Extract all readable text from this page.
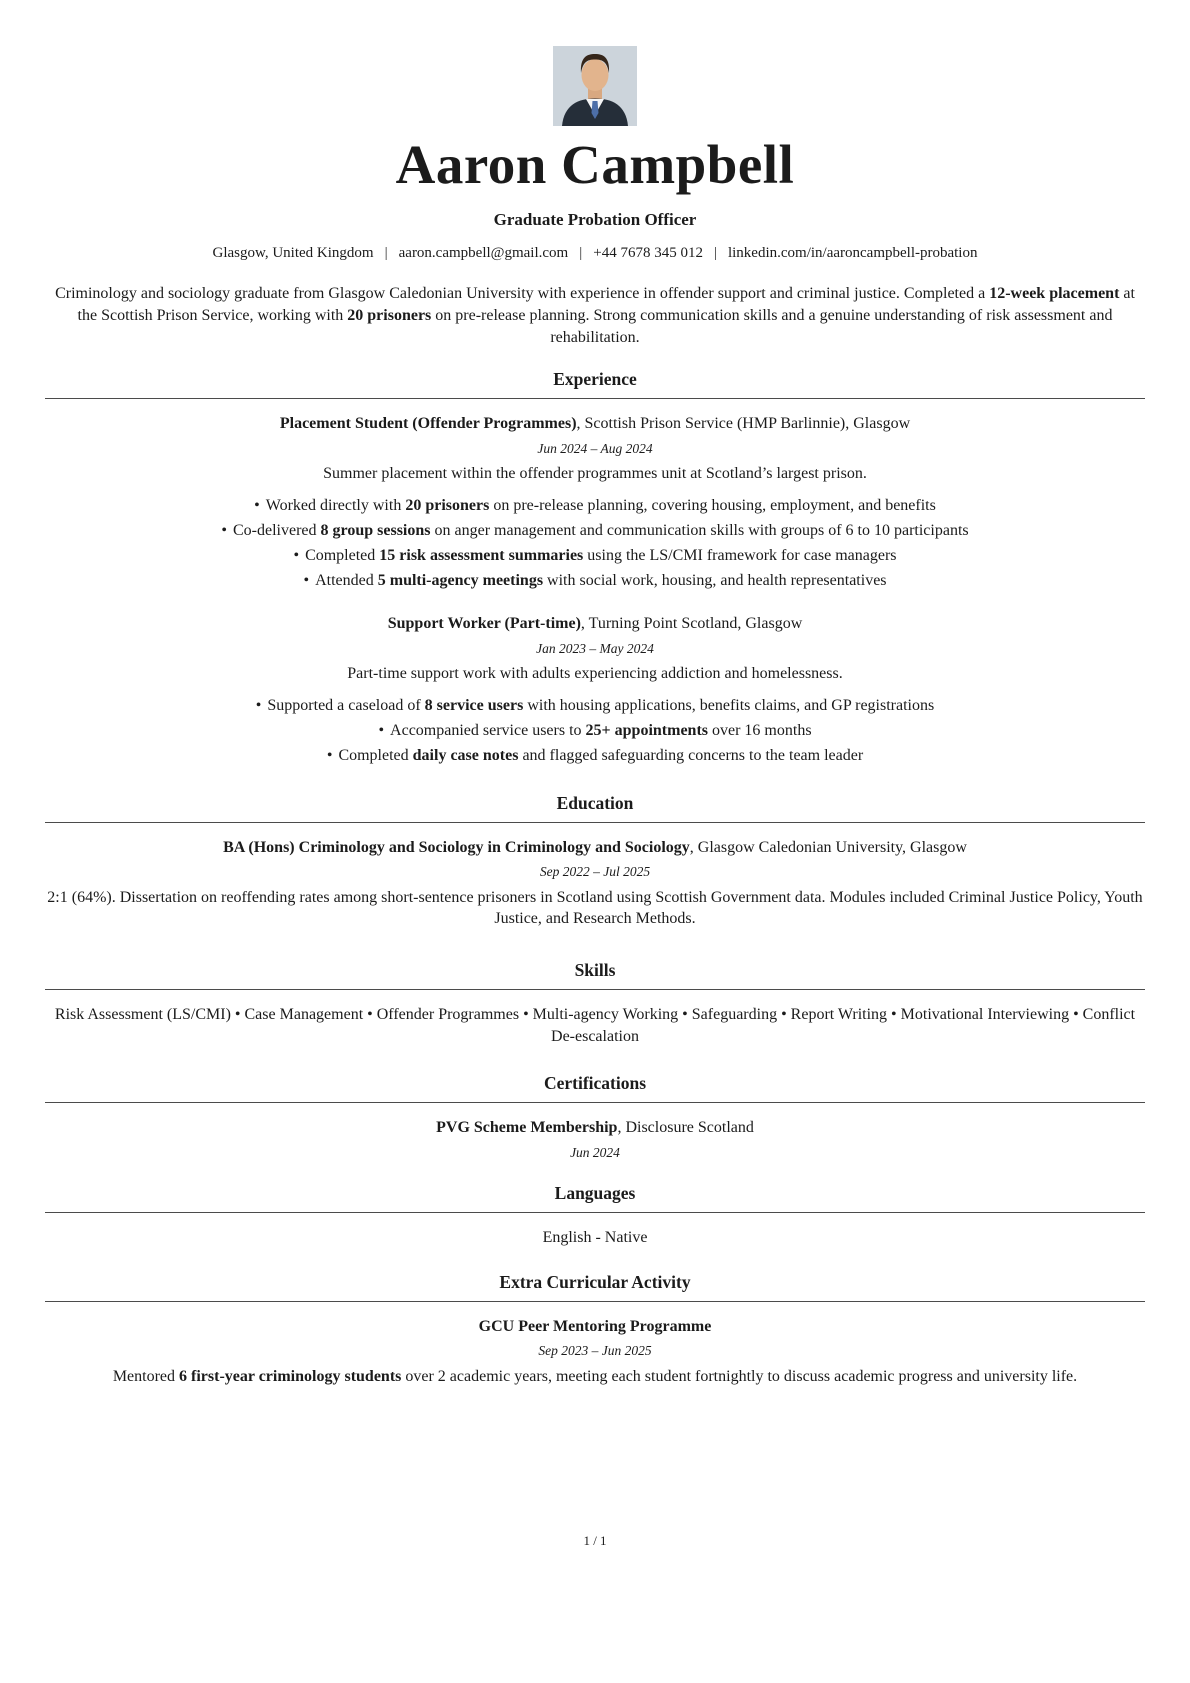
Aaron Campbell
Graduate Probation Officer
Glasgow, United Kingdom | aaron.campbell@gmail.com | +44 7678 345 012 | linkedin.com/in/aaroncampbell-probation

Criminology and sociology graduate from Glasgow Caledonian University with experience in offender support and criminal justice. Completed a 12-week placement at the Scottish Prison Service, working with 20 prisoners on pre-release planning. Strong communication skills and a genuine understanding of risk assessment and rehabilitation.

Experience
Placement Student (Offender Programmes), Scottish Prison Service (HMP Barlinnie), Glasgow
Jun 2024 – Aug 2024
Summer placement within the offender programmes unit at Scotland’s largest prison.
• Worked directly with 20 prisoners on pre-release planning, covering housing, employment, and benefits
• Co-delivered 8 group sessions on anger management and communication skills with groups of 6 to 10 participants
• Completed 15 risk assessment summaries using the LS/CMI framework for case managers
• Attended 5 multi-agency meetings with social work, housing, and health representatives
Support Worker (Part-time), Turning Point Scotland, Glasgow
Jan 2023 – May 2024
Part-time support work with adults experiencing addiction and homelessness.
• Supported a caseload of 8 service users with housing applications, benefits claims, and GP registrations
• Accompanied service users to 25+ appointments over 16 months
• Completed daily case notes and flagged safeguarding concerns to the team leader
Education
BA (Hons) Criminology and Sociology in Criminology and Sociology, Glasgow Caledonian University, Glasgow
Sep 2022 – Jul 2025
2:1 (64%). Dissertation on reoffending rates among short-sentence prisoners in Scotland using Scottish Government data. Modules included Criminal Justice Policy, Youth Justice, and Research Methods.
Skills
Risk Assessment (LS/CMI) • Case Management • Offender Programmes • Multi-agency Working • Safeguarding • Report Writing • Motivational Interviewing • Conflict De-escalation
Certifications
PVG Scheme Membership, Disclosure Scotland
Jun 2024
Languages
English - Native
Extra Curricular Activity
GCU Peer Mentoring Programme
Sep 2023 – Jun 2025
Mentored 6 first-year criminology students over 2 academic years, meeting each student fortnightly to discuss academic progress and university life.
1 / 1
